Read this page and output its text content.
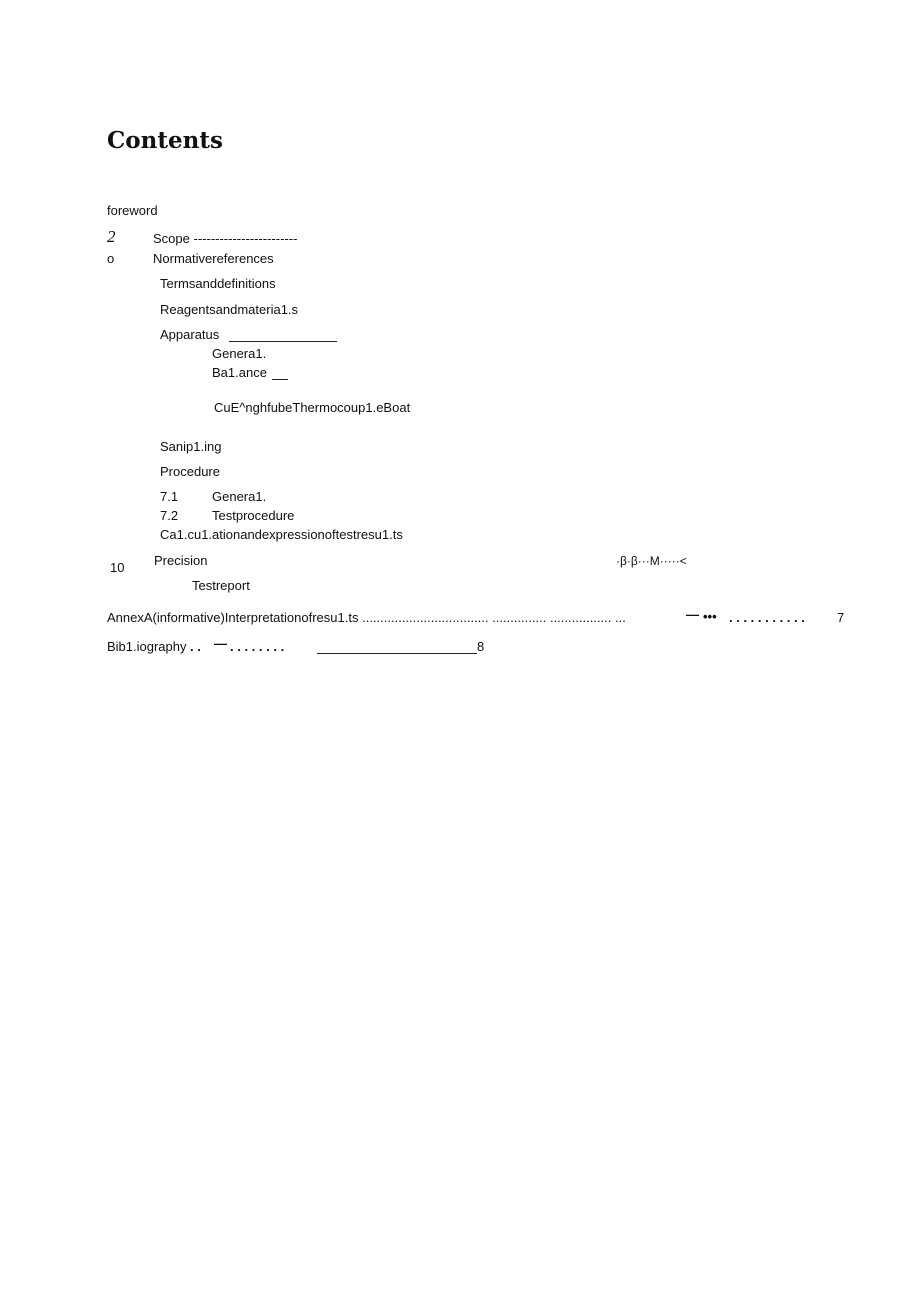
Contents
foreword
2	Scope ------------------------
o	Normativereferences
Termsanddefinitions
Reagentsandmateria1.s
Apparatus
Genera1.
Ba1.ance
CuE^nghfubeThermocoup1.eBoat
Sanip1.ing
Procedure
7.1	Genera1.
7.2	Testprocedure
Ca1.cu1.ationandexpressionoftestresu1.ts
10 Precision	·β·β···M·····<
Testreport
AnnexA(informative)Interpretationofresu1.ts ................................... ............... ................. ...	— ••• . . . . . . . . . . . 7
Bib1.iography . . — . . . . . . . .	8
